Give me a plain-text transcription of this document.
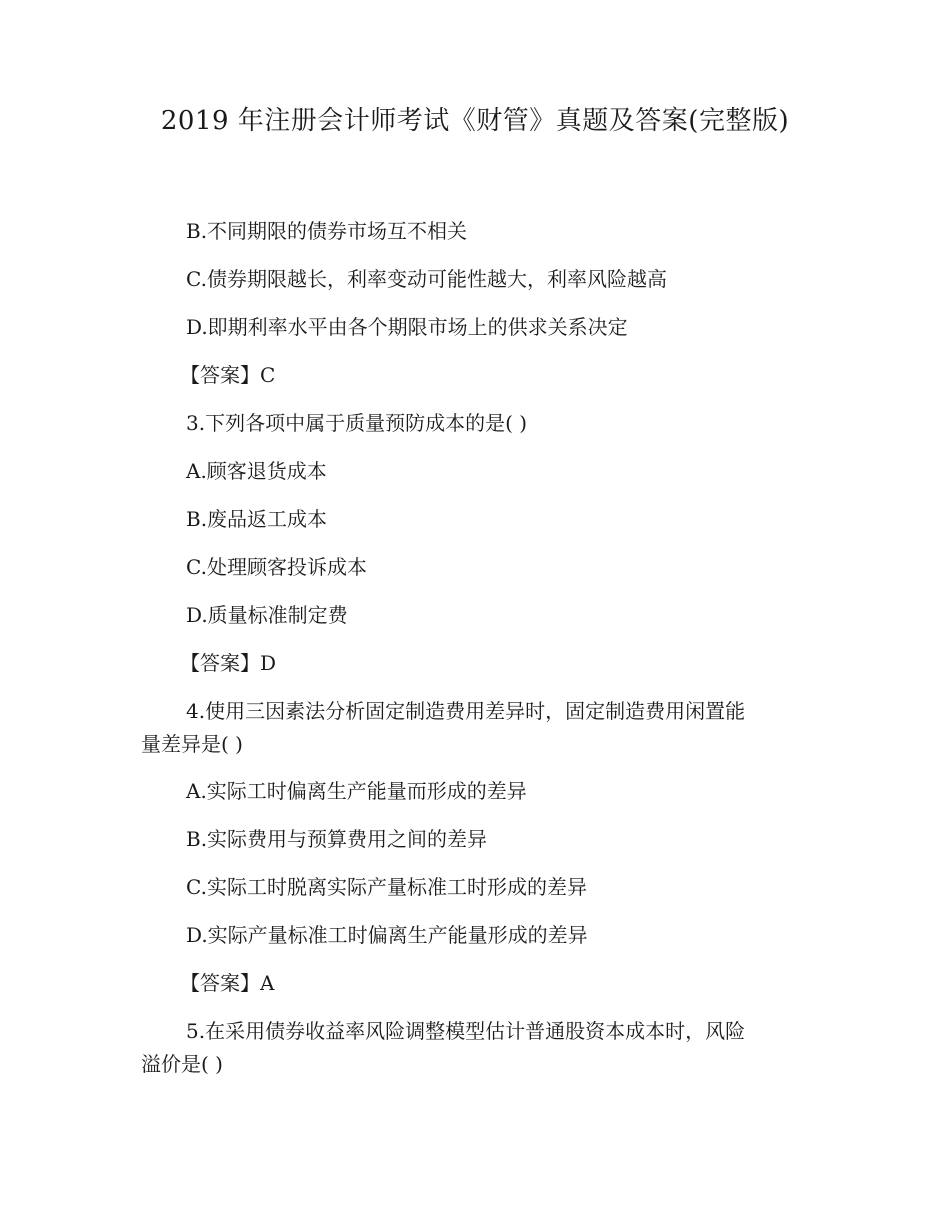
2019 年注册会计师考试《财管》真题及答案(完整版)
B.不同期限的债券市场互不相关
C.债券期限越长，利率变动可能性越大，利率风险越高
D.即期利率水平由各个期限市场上的供求关系决定
【答案】C
3.下列各项中属于质量预防成本的是( )
A.顾客退货成本
B.废品返工成本
C.处理顾客投诉成本
D.质量标准制定费
【答案】D
4.使用三因素法分析固定制造费用差异时，固定制造费用闲置能
量差异是( )
A.实际工时偏离生产能量而形成的差异
B.实际费用与预算费用之间的差异
C.实际工时脱离实际产量标准工时形成的差异
D.实际产量标准工时偏离生产能量形成的差异
【答案】A
5.在采用债券收益率风险调整模型估计普通股资本成本时，风险
溢价是( )
